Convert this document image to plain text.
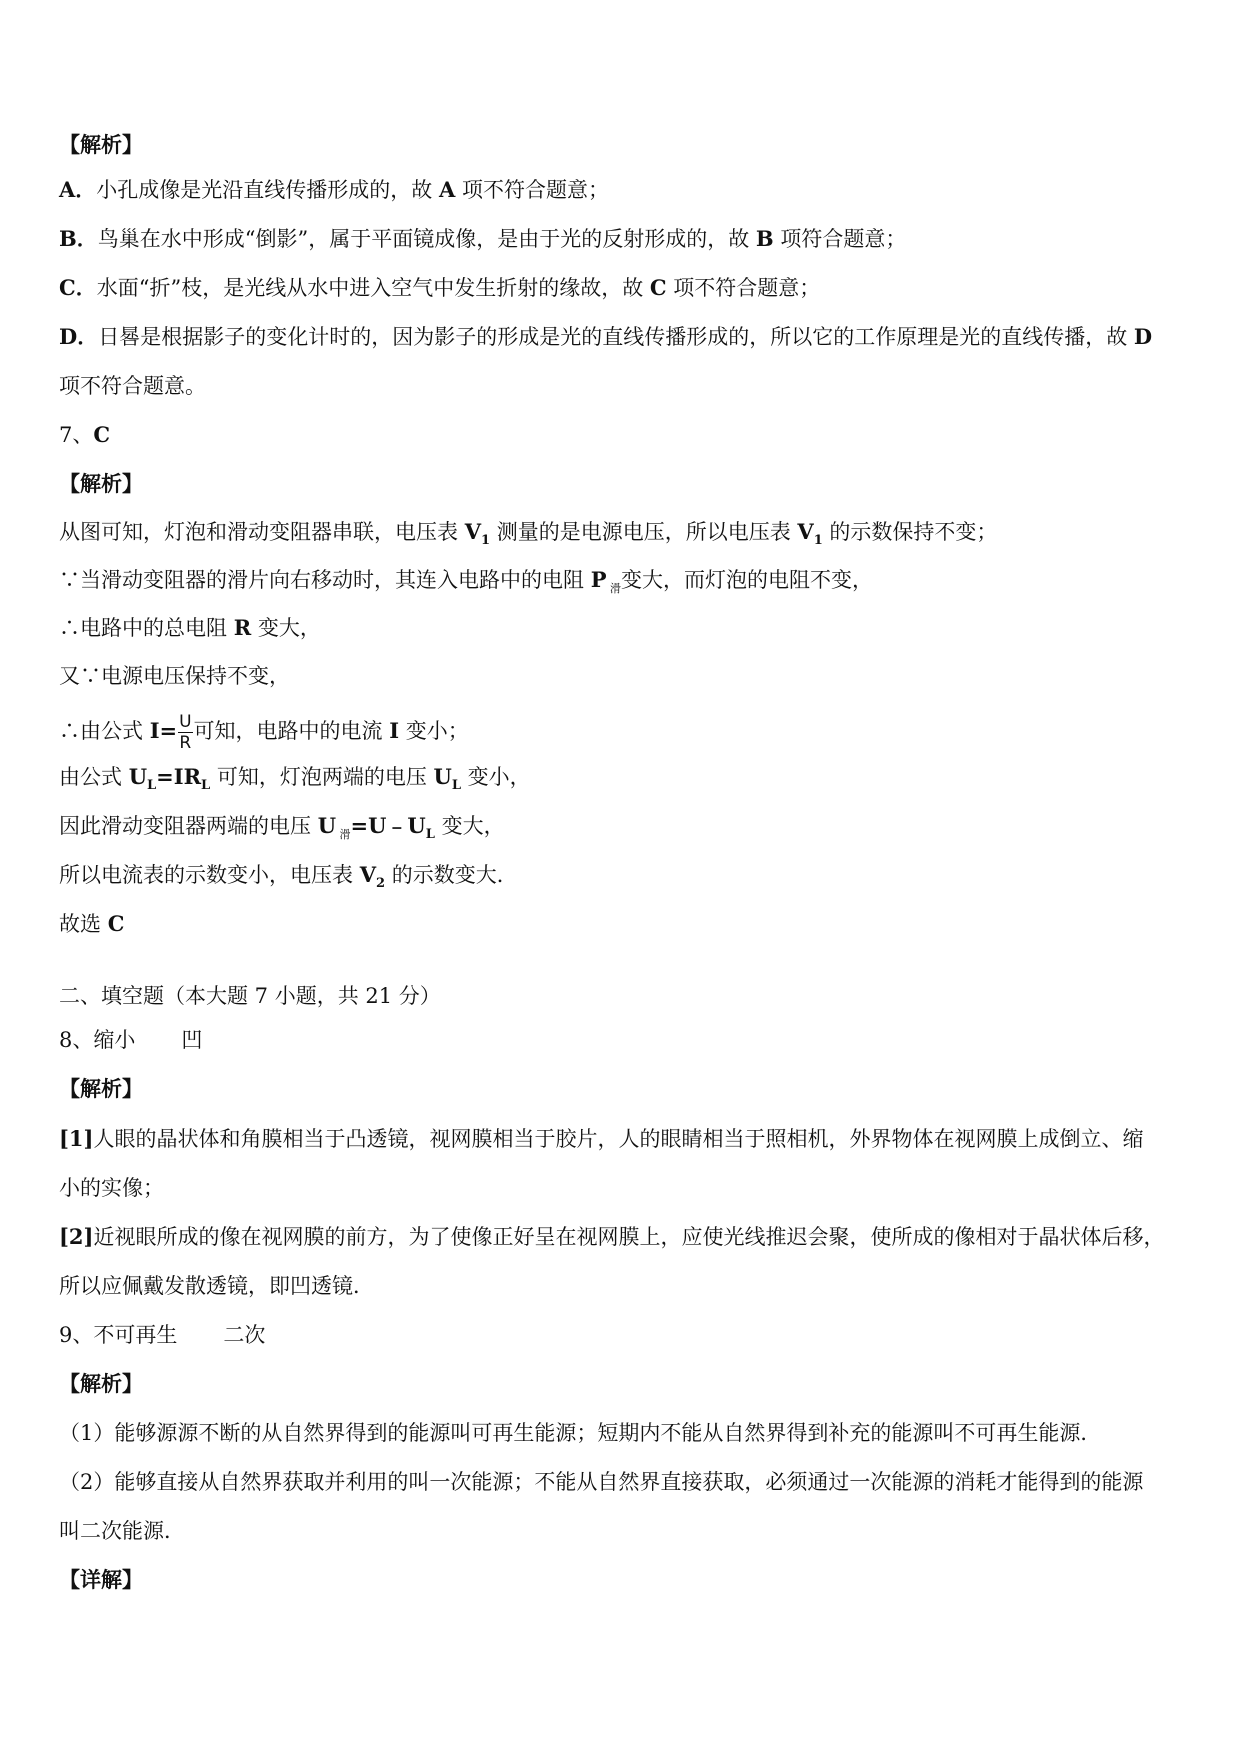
【解析】
A．小孔成像是光沿直线传播形成的，故 A 项不符合题意；
B．鸟巢在水中形成“倒影”，属于平面镜成像，是由于光的反射形成的，故 B 项符合题意；
C．水面“折”枝，是光线从水中进入空气中发生折射的缘故，故 C 项不符合题意；
D．日晷是根据影子的变化计时的，因为影子的形成是光的直线传播形成的，所以它的工作原理是光的直线传播，故 D
项不符合题意。
7、C
【解析】
从图可知，灯泡和滑动变阻器串联，电压表 $V_1$ 测量的是电源电压，所以电压表 $V_1$ 的示数保持不变；
∵当滑动变阻器的滑片向右移动时，其连入电路中的电阻 P $_滑$变大，而灯泡的电阻不变，
∴电路中的总电阻 R 变大，
又∵电源电压保持不变，
∴由公式 $I= \frac{U}{R}$ 可知，电路中的电流 I 变小；
由公式 $U_L=IR_L$ 可知，灯泡两端的电压 $U_L$ 变小，
因此滑动变阻器两端的电压 U $_滑=U﹣U_L$ 变大，
所以电流表的示数变小，电压表 $V_2$ 的示数变大．
故选 C
二、填空题（本大题 7 小题，共 21 分）
8、缩小 凹
【解析】
[1]人眼的晶状体和角膜相当于凸透镜，视网膜相当于胶片，人的眼睛相当于照相机，外界物体在视网膜上成倒立、缩
小的实像；
[2]近视眼所成的像在视网膜的前方，为了使像正好呈在视网膜上，应使光线推迟会聚，使所成的像相对于晶状体后移，
所以应佩戴发散透镜，即凹透镜．
9、不可再生 二次
【解析】
（1）能够源源不断的从自然界得到的能源叫可再生能源；短期内不能从自然界得到补充的能源叫不可再生能源．
（2）能够直接从自然界获取并利用的叫一次能源；不能从自然界直接获取，必须通过一次能源的消耗才能得到的能源
叫二次能源．
【详解】
